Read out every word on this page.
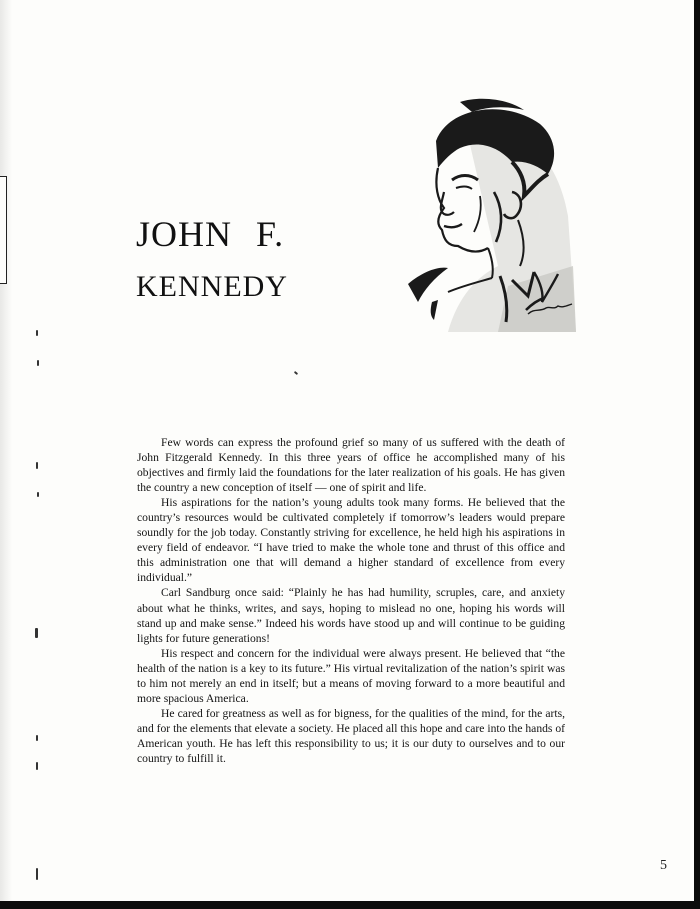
JOHN F.
KENNEDY

Few words can express the profound grief so many of us suffered with the death of John Fitzgerald Kennedy. In this three years of office he accomplished many of his objectives and firmly laid the foundations for the later realization of his goals. He has given the country a new conception of itself — one of spirit and life.

His aspirations for the nation’s young adults took many forms. He believed that the country’s resources would be cultivated completely if tomorrow’s leaders would prepare soundly for the job today. Constantly striving for excellence, he held high his aspirations in every field of endeavor. “I have tried to make the whole tone and thrust of this office and this administration one that will demand a higher standard of excellence from every individual.”

Carl Sandburg once said: “Plainly he has had humility, scruples, care, and anxiety about what he thinks, writes, and says, hoping to mislead no one, hoping his words will stand up and make sense.” Indeed his words have stood up and will continue to be guiding lights for future generations!

His respect and concern for the individual were always present. He believed that “the health of the nation is a key to its future.” His virtual revitalization of the nation’s spirit was to him not merely an end in itself; but a means of moving forward to a more beautiful and more spacious America.

He cared for greatness as well as for bigness, for the qualities of the mind, for the arts, and for the elements that elevate a society. He placed all this hope and care into the hands of American youth. He has left this responsibility to us; it is our duty to ourselves and to our country to fulfill it.

5
